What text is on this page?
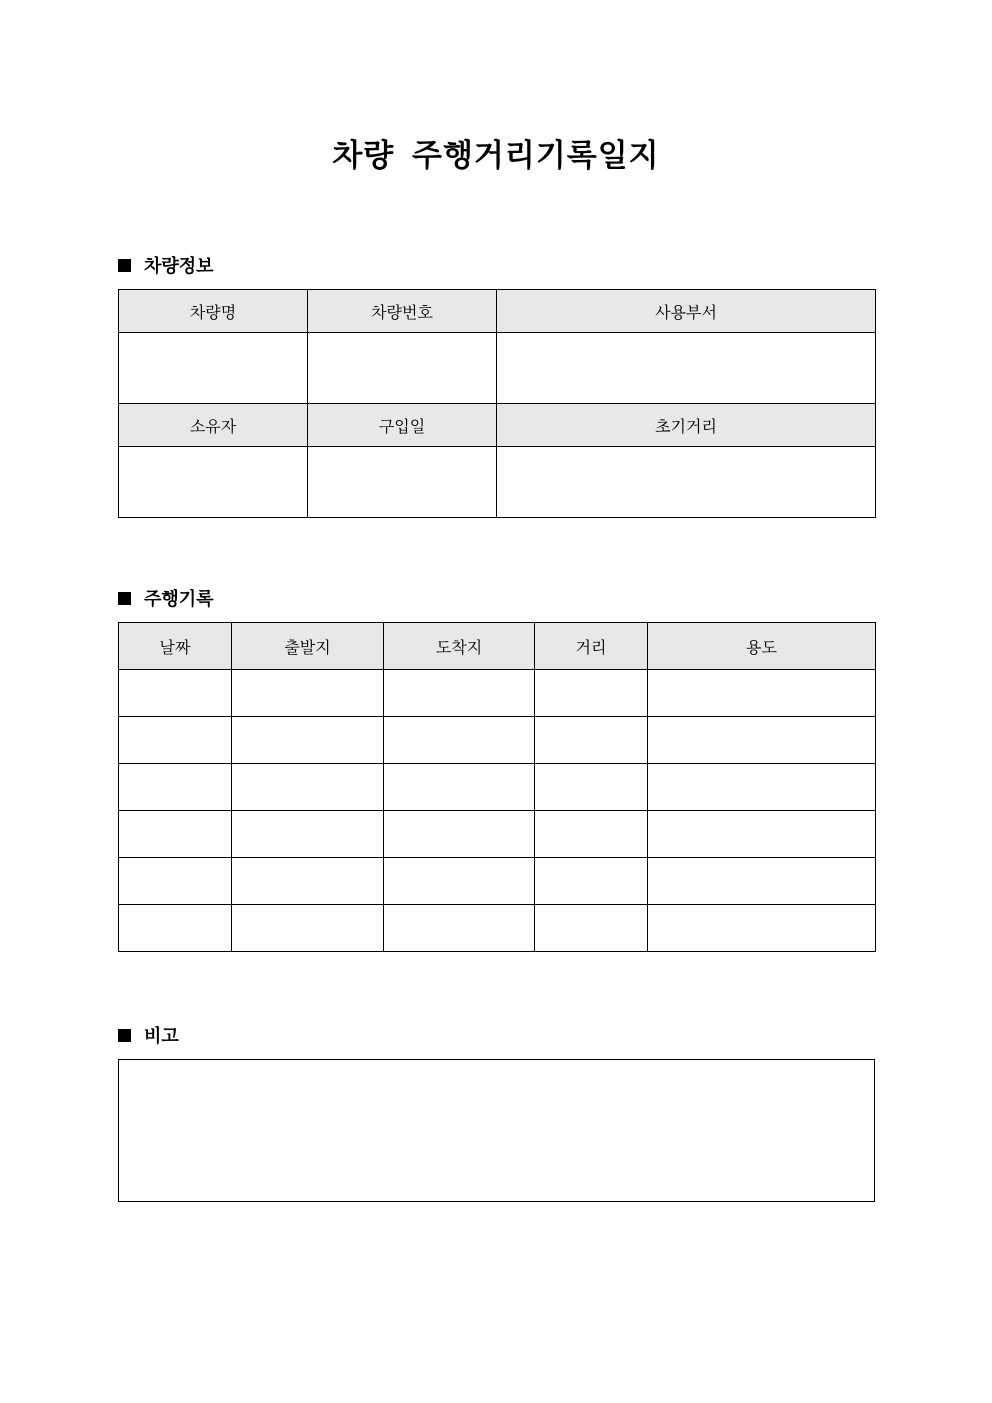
차량 주행거리기록일지
차량정보
차량명	차량번호	사용부서

소유자	구입일	초기거리

주행기록
날짜	출발지	도착지	거리	용도

비고
